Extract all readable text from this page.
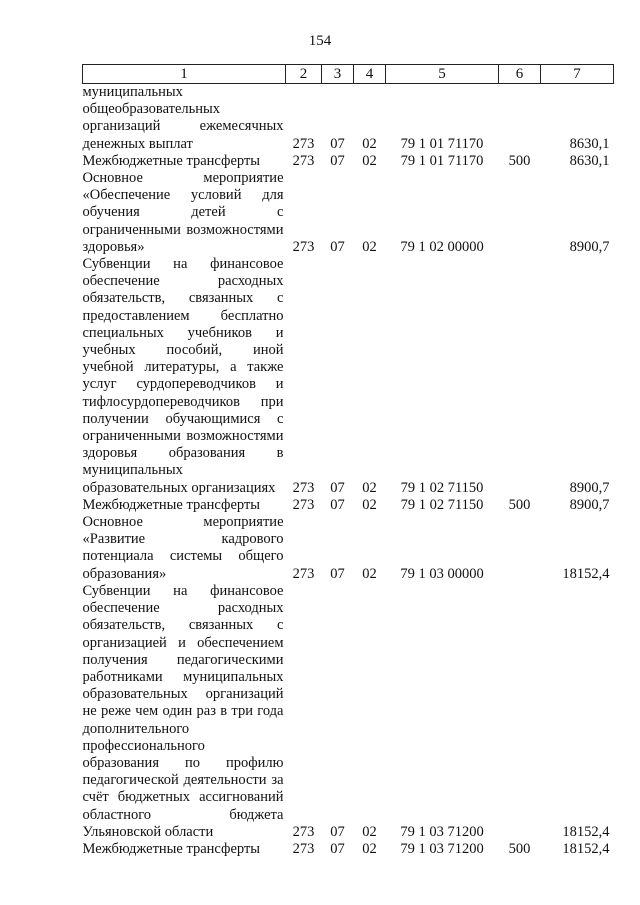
154
1	2	3	4	5	6	7
муниципальных общеобразовательных организаций ежемесячных денежных выплат	273	07	02	79 1 01 71170		8630,1
Межбюджетные трансферты	273	07	02	79 1 01 71170	500	8630,1
Основное мероприятие «Обеспечение условий для обучения детей с ограниченными возможностями здоровья»	273	07	02	79 1 02 00000		8900,7
Субвенции на финансовое обеспечение расходных обязательств, связанных с предоставлением бесплатно специальных учебников и учебных пособий, иной учебной литературы, а также услуг сурдопереводчиков и тифлосурдопереводчиков при получении обучающимися с ограниченными возможностями здоровья образования в муниципальных образовательных организациях	273	07	02	79 1 02 71150		8900,7
Межбюджетные трансферты	273	07	02	79 1 02 71150	500	8900,7
Основное мероприятие «Развитие кадрового потенциала системы общего образования»	273	07	02	79 1 03 00000		18152,4
Субвенции на финансовое обеспечение расходных обязательств, связанных с организацией и обеспечением получения педагогическими работниками муниципальных образовательных организаций не реже чем один раз в три года дополнительного профессионального образования по профилю педагогической деятельности за счёт бюджетных ассигнований областного бюджета Ульяновской области	273	07	02	79 1 03 71200		18152,4
Межбюджетные трансферты	273	07	02	79 1 03 71200	500	18152,4
